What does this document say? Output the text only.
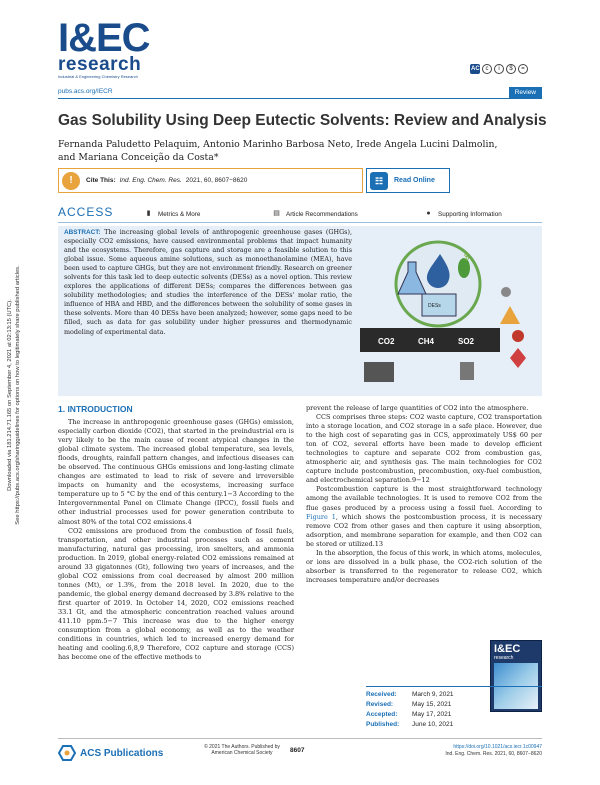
Downloaded via 181.214.71.165 on September 4, 2021 at 02:13:15 (UTC). See https://pubs.acs.org/sharingguidelines for options on how to legitimately share published articles.
I&EC
research
Industrial & Engineering Chemistry Research
AC c	i	$	=
pubs.acs.org/IECR	Review
Gas Solubility Using Deep Eutectic Solvents: Review and Analysis
Fernanda Paludetto Pelaquim, Antonio Marinho Barbosa Neto, Irede Angela Lucini Dalmolin,
and Mariana Conceição da Costa*
!	Cite This: Ind. Eng. Chem. Res. 2021, 60, 8607−8620	☷	Read Online
ACCESS	▮	Metrics & More	▤ Article Recommendations	●	Supporting Information
ABSTRACT: The increasing global levels of anthropogenic greenhouse gases (GHGs), especially CO2 emissions, have caused environmental problems that impact humanity and the ecosystems. Therefore, gas capture and storage are a feasible solution to this global issue. Some aqueous amine solutions, such as monoethanolamine (MEA), have been used to capture GHGs, but they are not environment friendly. Research on greener solvents for this task led to deep eutectic solvents (DESs) as a novel option. This review explores the applications of different DESs; compares the differences between gas solubility methodologies; and studies the interference of the DESs' molar ratio, the influence of HBA and HBD, and the differences between the solubility of some gases in these solvents. More than 40 DESs have been analyzed; however, some gaps need to be filled, such as data for gas solubility under higher pressures and thermodynamic modeling of experimental data.
$
DESs
CO2	CH4	SO2
1. INTRODUCTION

The increase in anthropogenic greenhouse gases (GHGs) emission, especially carbon dioxide (CO2), that started in the preindustrial era is very likely to be the main cause of recent atypical changes in the global climate system. The increased global temperature, sea levels, floods, droughts, rainfall pattern changes, and infectious diseases can be observed. The continuous GHGs emissions and long-lasting climate changes are estimated to lead to risk of severe and irreversible impacts on humanity and the ecosystems, increasing surface temperature up to 5 °C by the end of this century.1−3 According to the Intergovernmental Panel on Climate Change (IPCC), fossil fuels and other industrial processes used for power generation contribute to almost 80% of the total CO2 emissions.4

CO2 emissions are produced from the combustion of fossil fuels, transportation, and other industrial processes such as cement manufacturing, natural gas processing, iron smelters, and ammonia production. In 2019, global energy-related CO2 emissions remained at around 33 gigatonnes (Gt), following two years of increases, and the global CO2 emissions from coal decreased by almost 200 million tonnes (Mt), or 1.3%, from the 2018 level. In 2020, due to the pandemic, the global energy demand decreased by 3.8% relative to the first quarter of 2019. In October 14, 2020, CO2 emissions reached 33.1 Gt, and the atmospheric concentration reached values around 411.10 ppm.5−7 This increase was due to the higher energy consumption from a global economy, as well as to the weather conditions in countries, which led to increased energy demand for heating and cooling.6,8,9 Therefore, CO2 capture and storage (CCS) has become one of the effective methods to

prevent the release of large quantities of CO2 into the atmosphere.

CCS comprises three steps: CO2 waste capture, CO2 transportation into a storage location, and CO2 storage in a safe place. However, due to the high cost of separating gas in CCS, approximately US$ 60 per ton of CO2, several efforts have been made to develop efficient technologies to capture and separate CO2 from combustion gas, atmospheric air, and synthesis gas. The main technologies for CO2 capture include postcombustion, precombustion, oxy-fuel combustion, and electrochemical separation.9−12

Postcombustion capture is the most straightforward technology among the available technologies. It is used to remove CO2 from the flue gases produced by a process using a fossil fuel. According to Figure 1, which shows the postcombustion process, it is necessary remove CO2 from other gases and then capture it using absorption, adsorption, and membrane separation for example, and then CO2 can be stored or utilized.13

In the absorption, the focus of this work, in which atoms, molecules, or ions are dissolved in a bulk phase, the CO2-rich solution of the absorber is transferred to the regenerator to release CO2, which increases temperature and/or decreases

I&EC
research
Received:	March 9, 2021
Revised:	May 15, 2021
Accepted:	May 17, 2021
Published:	June 10, 2021
ACS Publications
© 2021 The Authors. Published by
American Chemical Society	8607	https://doi.org/10.1021/acs.iecr.1c00947
Ind. Eng. Chem. Res. 2021, 60, 8607−8620
